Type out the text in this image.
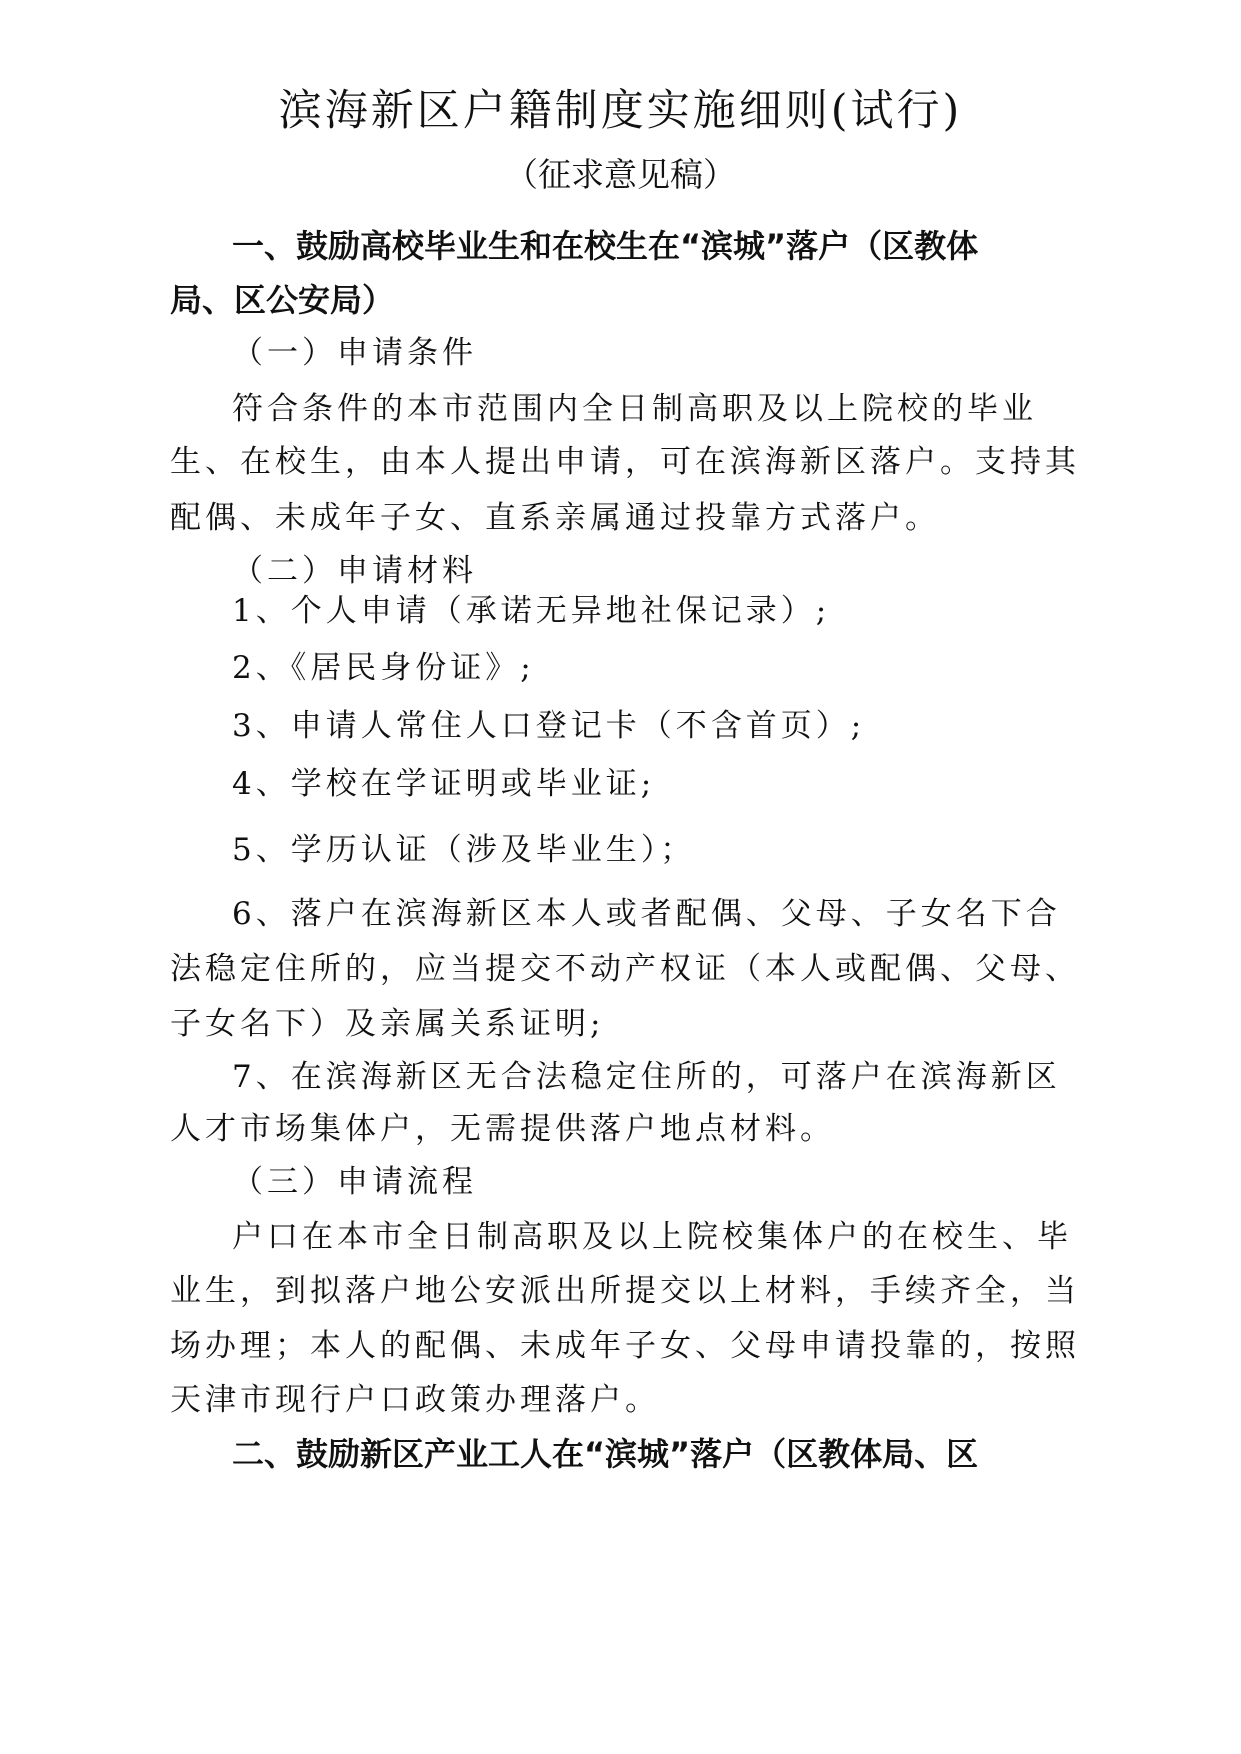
滨海新区户籍制度实施细则(试行)
（征求意见稿）
一、鼓励高校毕业生和在校生在“滨城”落户（区教体
局、区公安局）
（一）申请条件
符合条件的本市范围内全日制高职及以上院校的毕业
生、在校生，由本人提出申请，可在滨海新区落户。支持其
配偶、未成年子女、直系亲属通过投靠方式落户。
（二）申请材料
1、个人申请（承诺无异地社保记录）;
2、《居民身份证》;
3、申请人常住人口登记卡（不含首页）;
4、学校在学证明或毕业证;
5、学历认证（涉及毕业生）；
6、落户在滨海新区本人或者配偶、父母、子女名下合
法稳定住所的，应当提交不动产权证（本人或配偶、父母、
子女名下）及亲属关系证明;
7、在滨海新区无合法稳定住所的，可落户在滨海新区
人才市场集体户，无需提供落户地点材料。
（三）申请流程
户口在本市全日制高职及以上院校集体户的在校生、毕
业生，到拟落户地公安派出所提交以上材料，手续齐全，当
场办理；本人的配偶、未成年子女、父母申请投靠的，按照
天津市现行户口政策办理落户。
二、鼓励新区产业工人在“滨城”落户（区教体局、区
